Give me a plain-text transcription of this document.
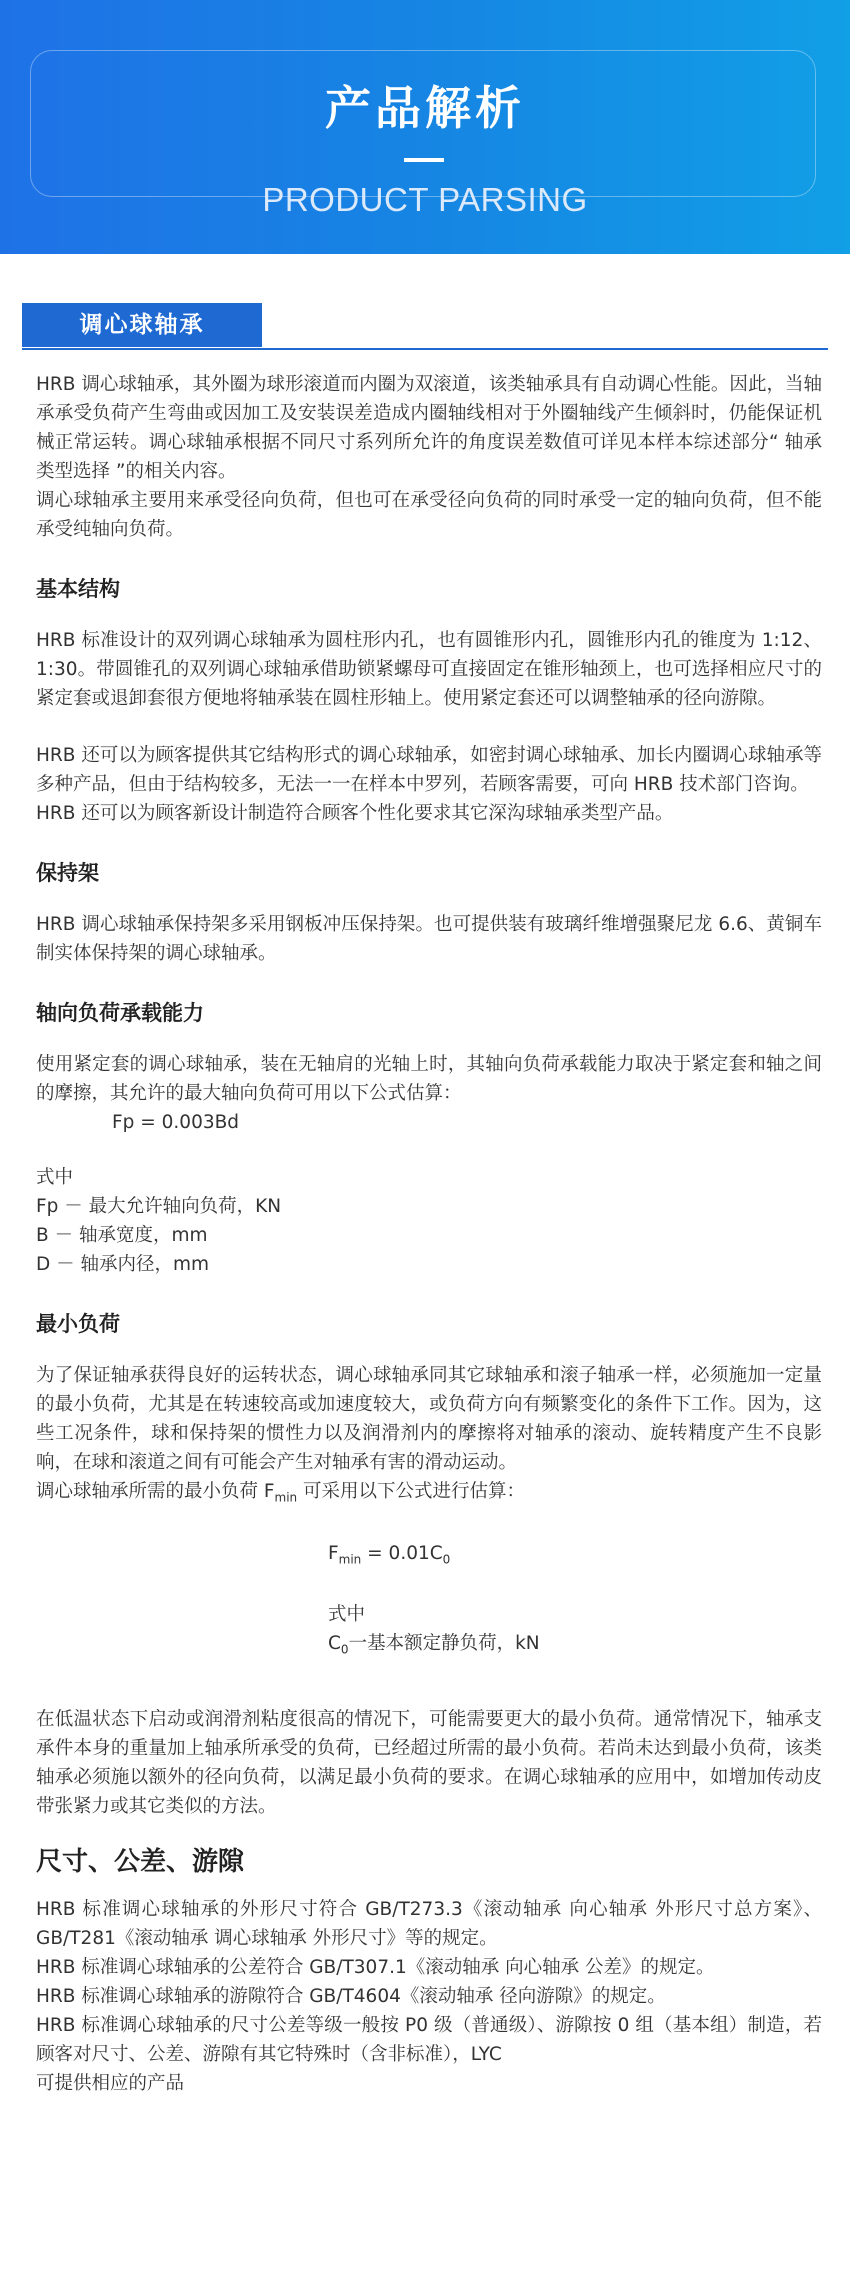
产品解析
PRODUCT PARSING
调心球轴承

HRB 调心球轴承，其外圈为球形滚道而内圈为双滚道，该类轴承具有自动调心性能。因此，当轴承承受负荷产生弯曲或因加工及安装误差造成内圈轴线相对于外圈轴线产生倾斜时，仍能保证机械正常运转。调心球轴承根据不同尺寸系列所允许的角度误差数值可详见本样本综述部分“ 轴承类型选择 ”的相关内容。

调心球轴承主要用来承受径向负荷，但也可在承受径向负荷的同时承受一定的轴向负荷，但不能承受纯轴向负荷。

基本结构

HRB 标准设计的双列调心球轴承为圆柱形内孔，也有圆锥形内孔，圆锥形内孔的锥度为 1:12、1:30。带圆锥孔的双列调心球轴承借助锁紧螺母可直接固定在锥形轴颈上，也可选择相应尺寸的紧定套或退卸套很方便地将轴承装在圆柱形轴上。使用紧定套还可以调整轴承的径向游隙。

HRB 还可以为顾客提供其它结构形式的调心球轴承，如密封调心球轴承、加长内圈调心球轴承等多种产品，但由于结构较多，无法一一在样本中罗列，若顾客需要，可向 HRB 技术部门咨询。

HRB 还可以为顾客新设计制造符合顾客个性化要求其它深沟球轴承类型产品。

保持架

HRB 调心球轴承保持架多采用钢板冲压保持架。也可提供装有玻璃纤维增强聚尼龙 6.6、黄铜车制实体保持架的调心球轴承。

轴向负荷承载能力

使用紧定套的调心球轴承，装在无轴肩的光轴上时，其轴向负荷承载能力取决于紧定套和轴之间的摩擦，其允许的最大轴向负荷可用以下公式估算：

Fp = 0.003Bd

式中

Fp － 最大允许轴向负荷，KN

B － 轴承宽度，mm

D － 轴承内径，mm

最小负荷

为了保证轴承获得良好的运转状态，调心球轴承同其它球轴承和滚子轴承一样，必须施加一定量的最小负荷，尤其是在转速较高或加速度较大，或负荷方向有频繁变化的条件下工作。因为，这些工况条件，球和保持架的惯性力以及润滑剂内的摩擦将对轴承的滚动、旋转精度产生不良影响，在球和滚道之间有可能会产生对轴承有害的滑动运动。

调心球轴承所需的最小负荷 $F_{min}$ 可采用以下公式进行估算：

$F_{min} = 0.01C_0$

式中

$C_0$一基本额定静负荷，kN

在低温状态下启动或润滑剂粘度很高的情况下，可能需要更大的最小负荷。通常情况下，轴承支承件本身的重量加上轴承所承受的负荷，已经超过所需的最小负荷。若尚未达到最小负荷，该类轴承必须施以额外的径向负荷，以满足最小负荷的要求。在调心球轴承的应用中，如增加传动皮带张紧力或其它类似的方法。

尺寸、公差、游隙

HRB 标准调心球轴承的外形尺寸符合 GB/T273.3《滚动轴承 向心轴承 外形尺寸总方案》、GB/T281《滚动轴承 调心球轴承 外形尺寸》等的规定。

HRB 标准调心球轴承的公差符合 GB/T307.1《滚动轴承 向心轴承 公差》的规定。

HRB 标准调心球轴承的游隙符合 GB/T4604《滚动轴承 径向游隙》的规定。

HRB 标准调心球轴承的尺寸公差等级一般按 P0 级（普通级）、游隙按 0 组（基本组）制造，若顾客对尺寸、公差、游隙有其它特殊时（含非标准），LYC

可提供相应的产品
